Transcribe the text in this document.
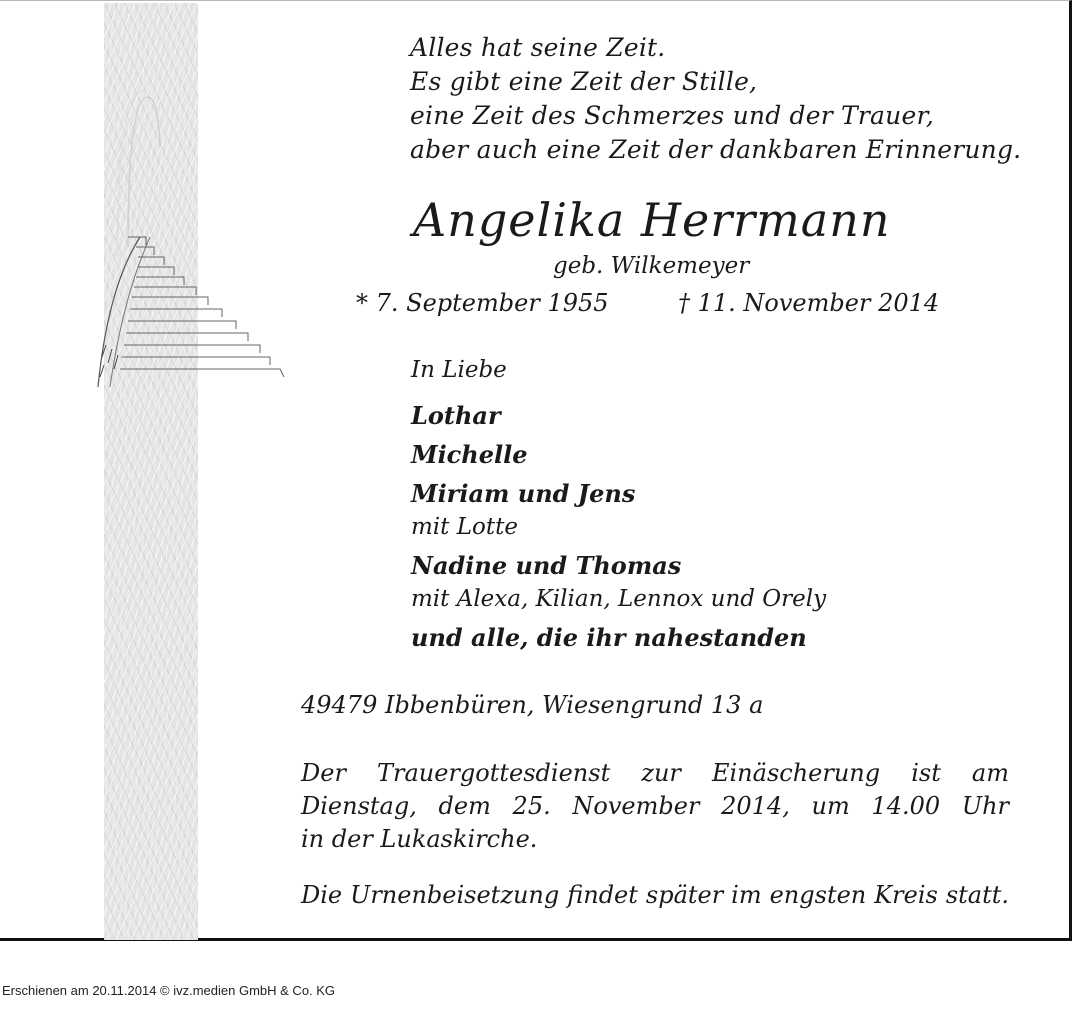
Alles hat seine Zeit.
Es gibt eine Zeit der Stille,
eine Zeit des Schmerzes und der Trauer,
aber auch eine Zeit der dankbaren Erinnerung.
Angelika Herrmann
geb. Wilkemeyer
* 7. September 1955	† 11. November 2014
In Liebe
Lothar
Michelle
Miriam und Jens
mit Lotte
Nadine und Thomas
mit Alexa, Kilian, Lennox und Orely
und alle, die ihr nahestanden
49479 Ibbenbüren, Wiesengrund 13 a
Der Trauergottesdienst zur Einäscherung ist am
Dienstag, dem 25. November 2014, um 14.00 Uhr
in der Lukaskirche.
Die Urnenbeisetzung findet später im engsten Kreis statt.
Erschienen am 20.11.2014 © ivz.medien GmbH & Co. KG
